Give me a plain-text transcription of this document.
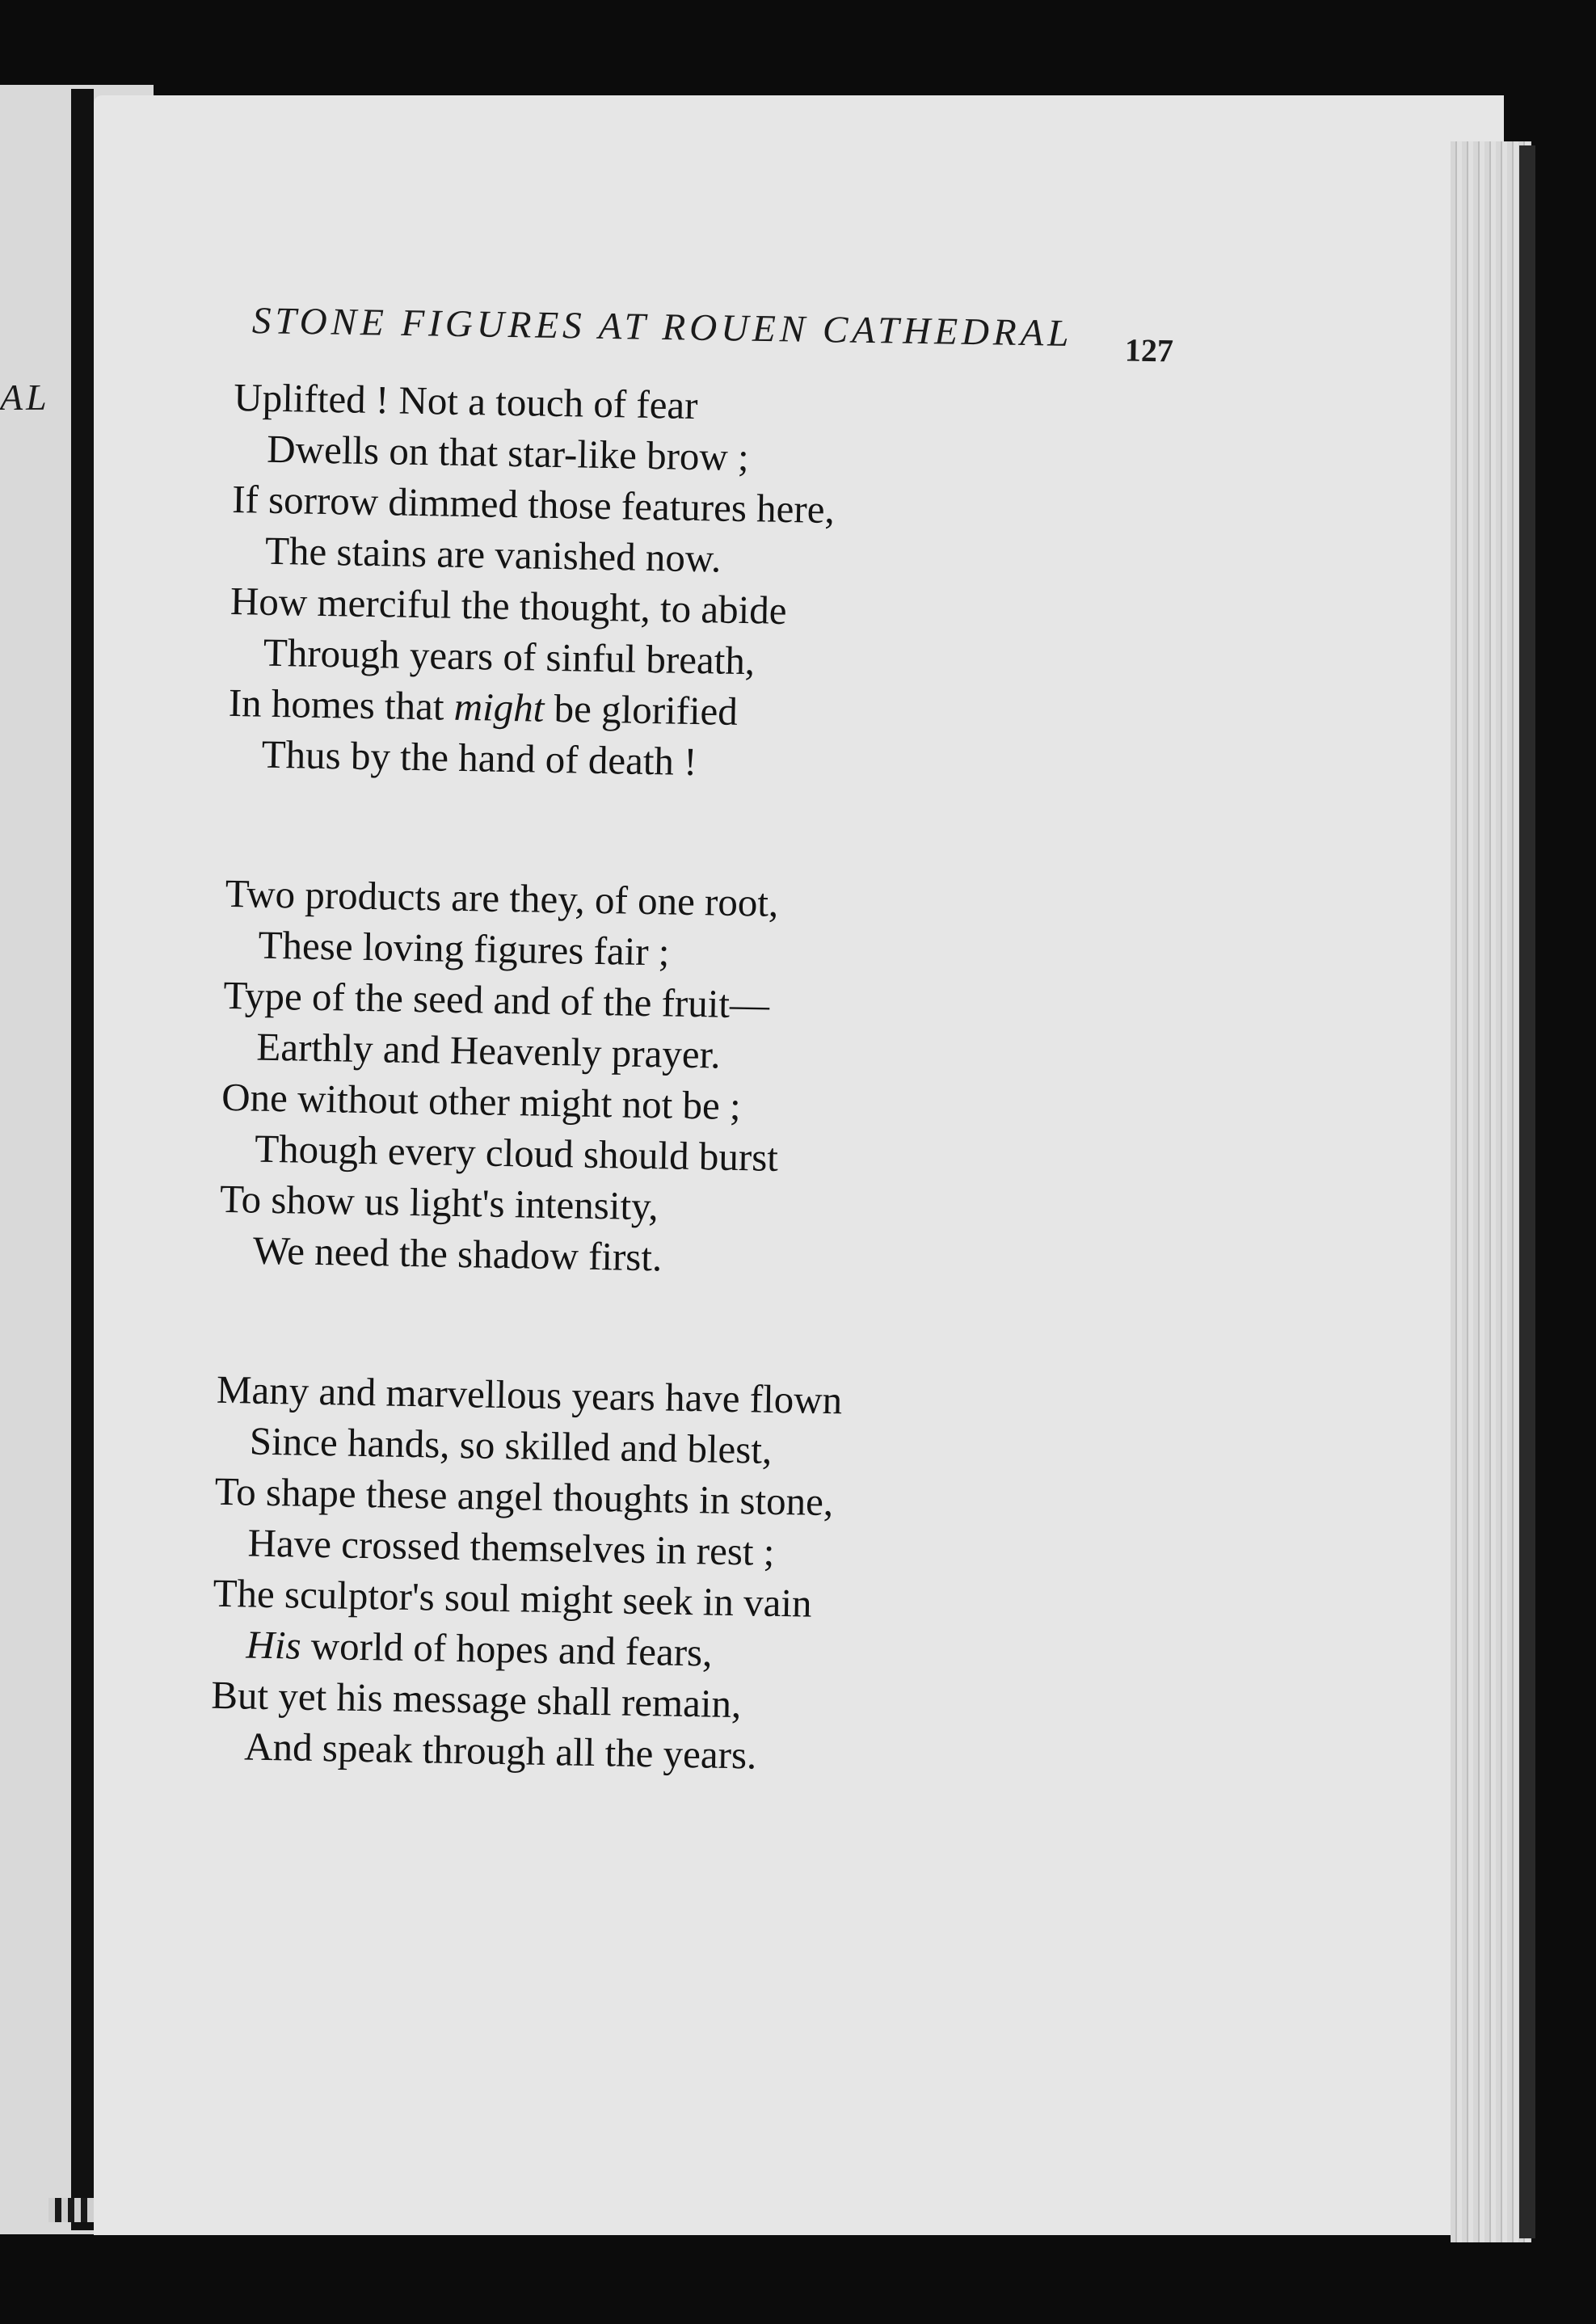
AL
STONE FIGURES AT ROUEN CATHEDRAL 127
Uplifted ! Not a touch of fear
Dwells on that star-like brow ;
If sorrow dimmed those features here,
The stains are vanished now.
How merciful the thought, to abide
Through years of sinful breath,
In homes that might be glorified
Thus by the hand of death !
Two products are they, of one root,
These loving figures fair ;
Type of the seed and of the fruit—
Earthly and Heavenly prayer.
One without other might not be ;
Though every cloud should burst
To show us light's intensity,
We need the shadow first.
Many and marvellous years have flown
Since hands, so skilled and blest,
To shape these angel thoughts in stone,
Have crossed themselves in rest ;
The sculptor's soul might seek in vain
His world of hopes and fears,
But yet his message shall remain,
And speak through all the years.
